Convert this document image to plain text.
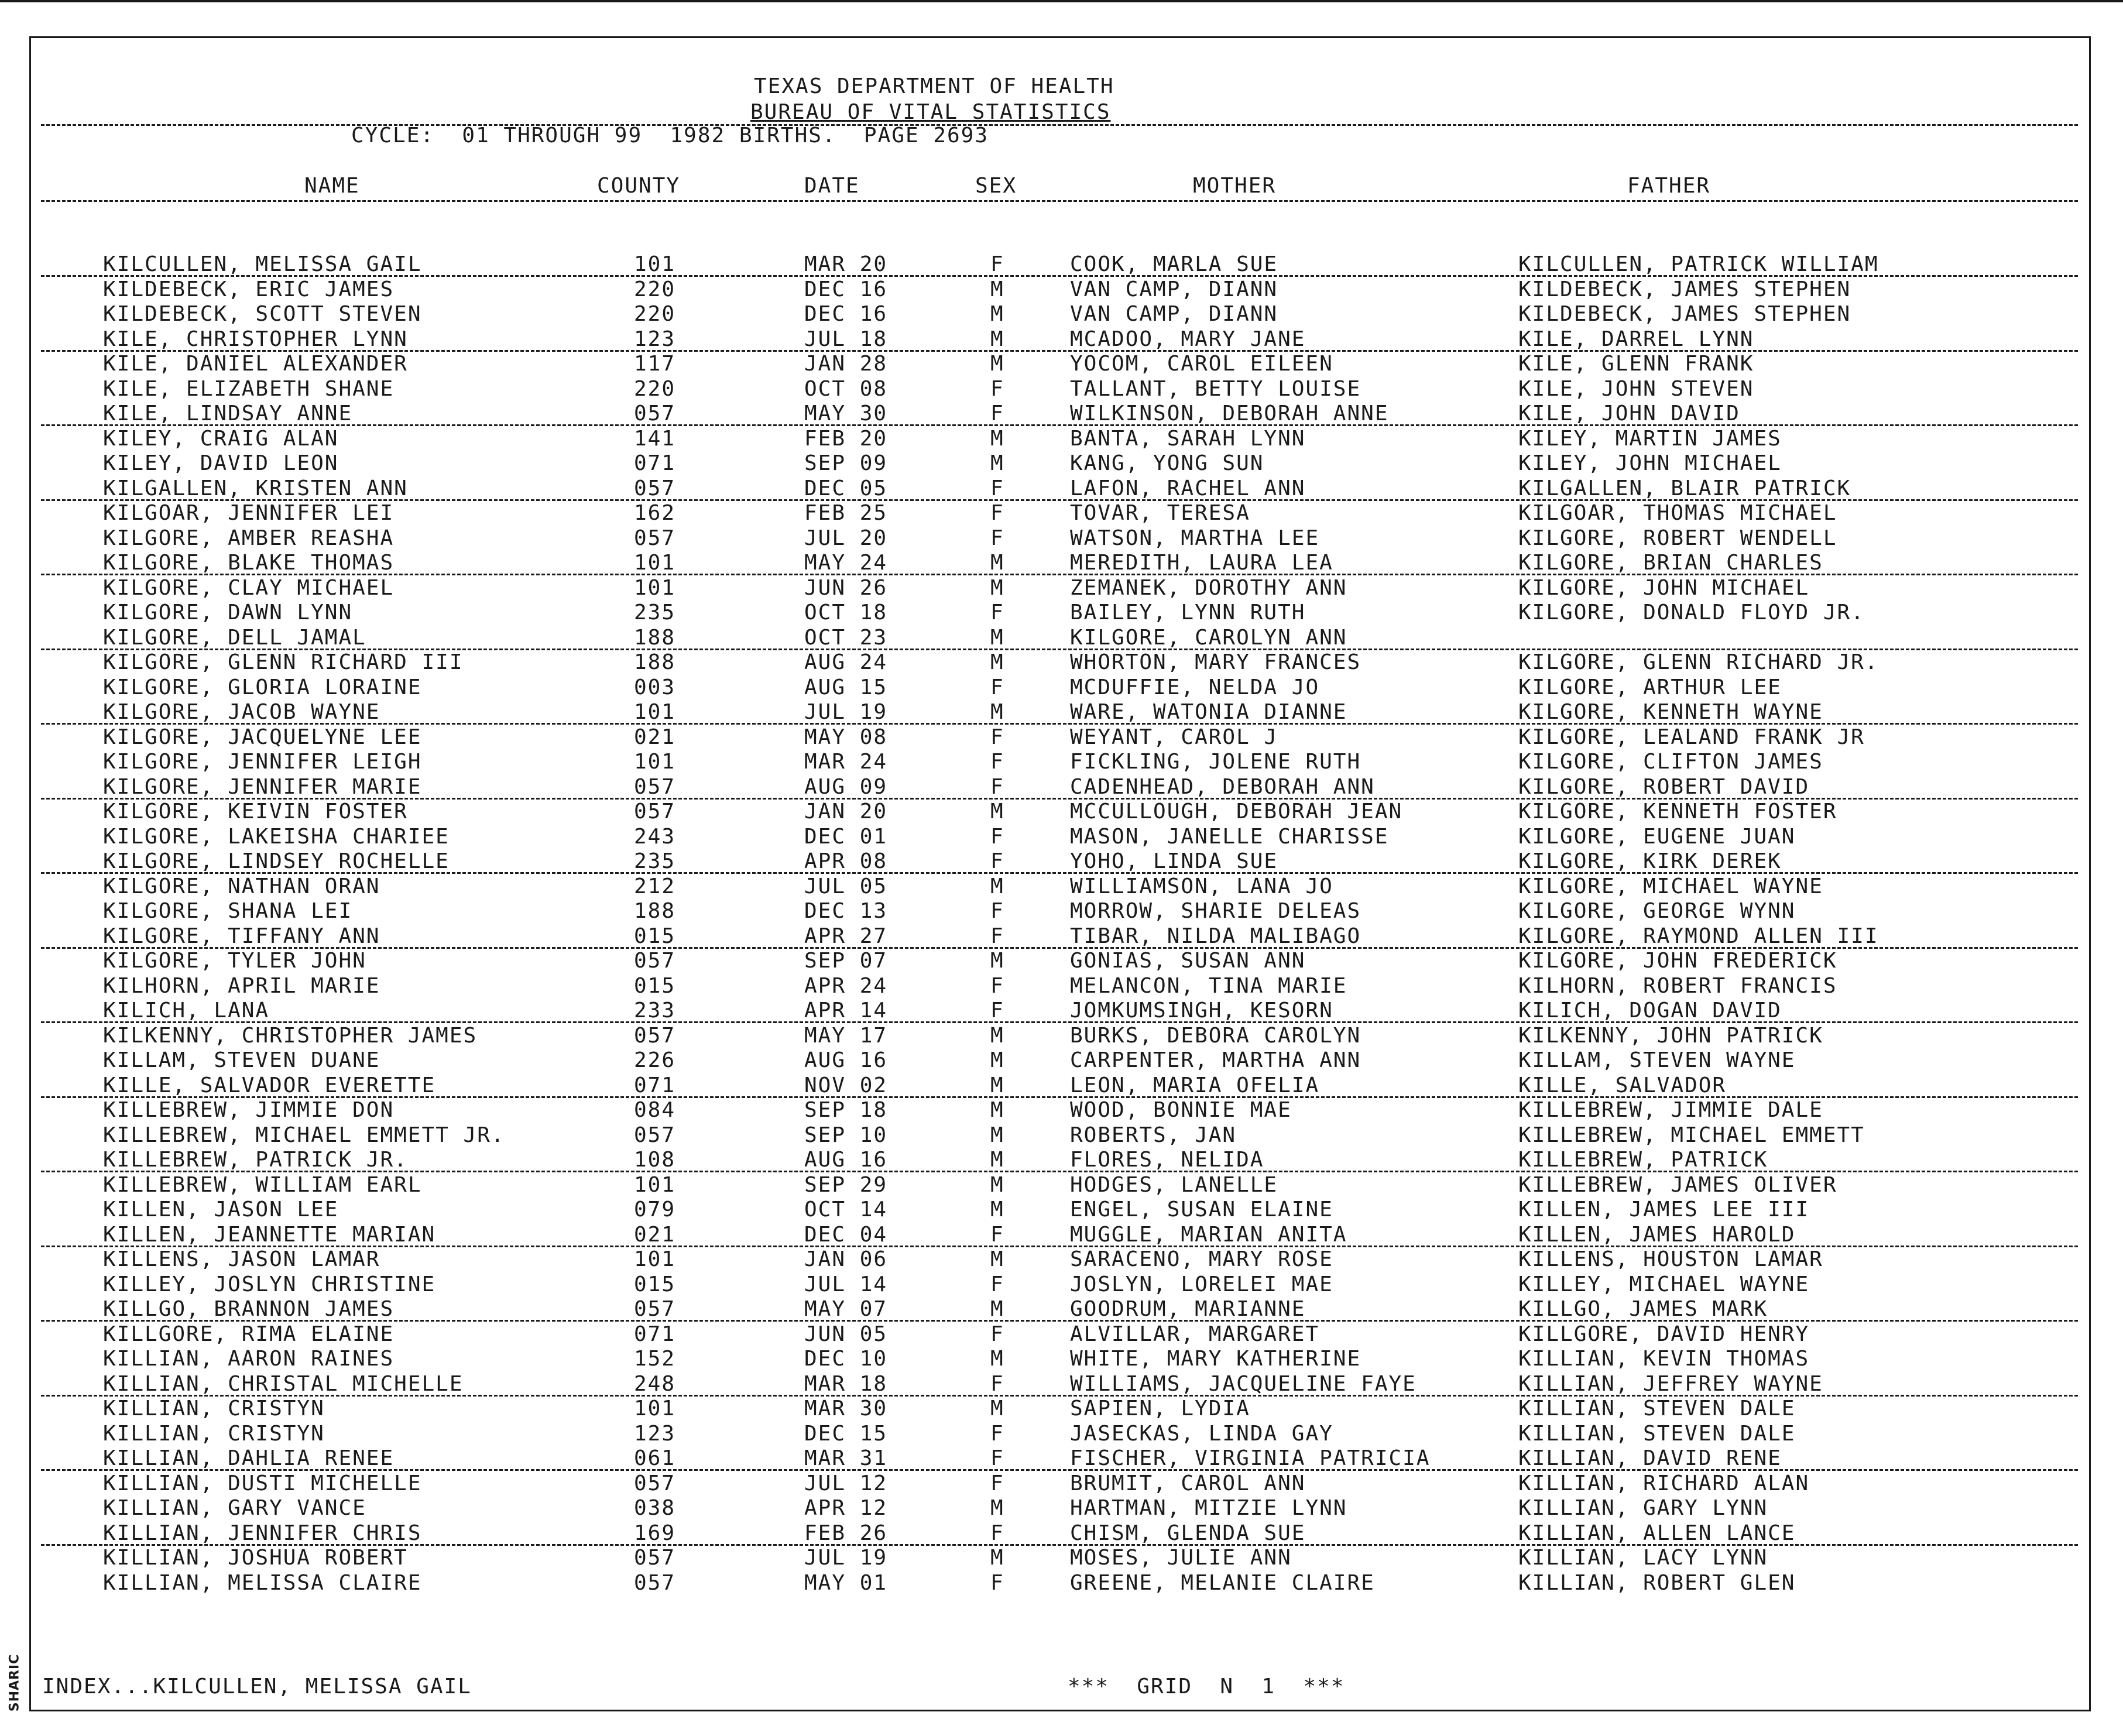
SHARIC
TEXAS DEPARTMENT OF HEALTH
BUREAU OF VITAL STATISTICS
CYCLE:  01 THROUGH 99  1982 BIRTHS.  PAGE 2693
NAME	COUNTY	DATE	SEX	MOTHER	FATHER
KILCULLEN, MELISSA GAIL	101	MAR 20	F	COOK, MARLA SUE	KILCULLEN, PATRICK WILLIAM
KILDEBECK, ERIC JAMES	220	DEC 16	M	VAN CAMP, DIANN	KILDEBECK, JAMES STEPHEN
KILDEBECK, SCOTT STEVEN	220	DEC 16	M	VAN CAMP, DIANN	KILDEBECK, JAMES STEPHEN
KILE, CHRISTOPHER LYNN	123	JUL 18	M	MCADOO, MARY JANE	KILE, DARREL LYNN
KILE, DANIEL ALEXANDER	117	JAN 28	M	YOCOM, CAROL EILEEN	KILE, GLENN FRANK
KILE, ELIZABETH SHANE	220	OCT 08	F	TALLANT, BETTY LOUISE	KILE, JOHN STEVEN
KILE, LINDSAY ANNE	057	MAY 30	F	WILKINSON, DEBORAH ANNE	KILE, JOHN DAVID
KILEY, CRAIG ALAN	141	FEB 20	M	BANTA, SARAH LYNN	KILEY, MARTIN JAMES
KILEY, DAVID LEON	071	SEP 09	M	KANG, YONG SUN	KILEY, JOHN MICHAEL
KILGALLEN, KRISTEN ANN	057	DEC 05	F	LAFON, RACHEL ANN	KILGALLEN, BLAIR PATRICK
KILGOAR, JENNIFER LEI	162	FEB 25	F	TOVAR, TERESA	KILGOAR, THOMAS MICHAEL
KILGORE, AMBER REASHA	057	JUL 20	F	WATSON, MARTHA LEE	KILGORE, ROBERT WENDELL
KILGORE, BLAKE THOMAS	101	MAY 24	M	MEREDITH, LAURA LEA	KILGORE, BRIAN CHARLES
KILGORE, CLAY MICHAEL	101	JUN 26	M	ZEMANEK, DOROTHY ANN	KILGORE, JOHN MICHAEL
KILGORE, DAWN LYNN	235	OCT 18	F	BAILEY, LYNN RUTH	KILGORE, DONALD FLOYD JR.
KILGORE, DELL JAMAL	188	OCT 23	M	KILGORE, CAROLYN ANN
KILGORE, GLENN RICHARD III	188	AUG 24	M	WHORTON, MARY FRANCES	KILGORE, GLENN RICHARD JR.
KILGORE, GLORIA LORAINE	003	AUG 15	F	MCDUFFIE, NELDA JO	KILGORE, ARTHUR LEE
KILGORE, JACOB WAYNE	101	JUL 19	M	WARE, WATONIA DIANNE	KILGORE, KENNETH WAYNE
KILGORE, JACQUELYNE LEE	021	MAY 08	F	WEYANT, CAROL J	KILGORE, LEALAND FRANK JR
KILGORE, JENNIFER LEIGH	101	MAR 24	F	FICKLING, JOLENE RUTH	KILGORE, CLIFTON JAMES
KILGORE, JENNIFER MARIE	057	AUG 09	F	CADENHEAD, DEBORAH ANN	KILGORE, ROBERT DAVID
KILGORE, KEIVIN FOSTER	057	JAN 20	M	MCCULLOUGH, DEBORAH JEAN	KILGORE, KENNETH FOSTER
KILGORE, LAKEISHA CHARIEE	243	DEC 01	F	MASON, JANELLE CHARISSE	KILGORE, EUGENE JUAN
KILGORE, LINDSEY ROCHELLE	235	APR 08	F	YOHO, LINDA SUE	KILGORE, KIRK DEREK
KILGORE, NATHAN ORAN	212	JUL 05	M	WILLIAMSON, LANA JO	KILGORE, MICHAEL WAYNE
KILGORE, SHANA LEI	188	DEC 13	F	MORROW, SHARIE DELEAS	KILGORE, GEORGE WYNN
KILGORE, TIFFANY ANN	015	APR 27	F	TIBAR, NILDA MALIBAGO	KILGORE, RAYMOND ALLEN III
KILGORE, TYLER JOHN	057	SEP 07	M	GONIAS, SUSAN ANN	KILGORE, JOHN FREDERICK
KILHORN, APRIL MARIE	015	APR 24	F	MELANCON, TINA MARIE	KILHORN, ROBERT FRANCIS
KILICH, LANA	233	APR 14	F	JOMKUMSINGH, KESORN	KILICH, DOGAN DAVID
KILKENNY, CHRISTOPHER JAMES	057	MAY 17	M	BURKS, DEBORA CAROLYN	KILKENNY, JOHN PATRICK
KILLAM, STEVEN DUANE	226	AUG 16	M	CARPENTER, MARTHA ANN	KILLAM, STEVEN WAYNE
KILLE, SALVADOR EVERETTE	071	NOV 02	M	LEON, MARIA OFELIA	KILLE, SALVADOR
KILLEBREW, JIMMIE DON	084	SEP 18	M	WOOD, BONNIE MAE	KILLEBREW, JIMMIE DALE
KILLEBREW, MICHAEL EMMETT JR.	057	SEP 10	M	ROBERTS, JAN	KILLEBREW, MICHAEL EMMETT
KILLEBREW, PATRICK JR.	108	AUG 16	M	FLORES, NELIDA	KILLEBREW, PATRICK
KILLEBREW, WILLIAM EARL	101	SEP 29	M	HODGES, LANELLE	KILLEBREW, JAMES OLIVER
KILLEN, JASON LEE	079	OCT 14	M	ENGEL, SUSAN ELAINE	KILLEN, JAMES LEE III
KILLEN, JEANNETTE MARIAN	021	DEC 04	F	MUGGLE, MARIAN ANITA	KILLEN, JAMES HAROLD
KILLENS, JASON LAMAR	101	JAN 06	M	SARACENO, MARY ROSE	KILLENS, HOUSTON LAMAR
KILLEY, JOSLYN CHRISTINE	015	JUL 14	F	JOSLYN, LORELEI MAE	KILLEY, MICHAEL WAYNE
KILLGO, BRANNON JAMES	057	MAY 07	M	GOODRUM, MARIANNE	KILLGO, JAMES MARK
KILLGORE, RIMA ELAINE	071	JUN 05	F	ALVILLAR, MARGARET	KILLGORE, DAVID HENRY
KILLIAN, AARON RAINES	152	DEC 10	M	WHITE, MARY KATHERINE	KILLIAN, KEVIN THOMAS
KILLIAN, CHRISTAL MICHELLE	248	MAR 18	F	WILLIAMS, JACQUELINE FAYE	KILLIAN, JEFFREY WAYNE
KILLIAN, CRISTYN	101	MAR 30	M	SAPIEN, LYDIA	KILLIAN, STEVEN DALE
KILLIAN, CRISTYN	123	DEC 15	F	JASECKAS, LINDA GAY	KILLIAN, STEVEN DALE
KILLIAN, DAHLIA RENEE	061	MAR 31	F	FISCHER, VIRGINIA PATRICIA	KILLIAN, DAVID RENE
KILLIAN, DUSTI MICHELLE	057	JUL 12	F	BRUMIT, CAROL ANN	KILLIAN, RICHARD ALAN
KILLIAN, GARY VANCE	038	APR 12	M	HARTMAN, MITZIE LYNN	KILLIAN, GARY LYNN
KILLIAN, JENNIFER CHRIS	169	FEB 26	F	CHISM, GLENDA SUE	KILLIAN, ALLEN LANCE
KILLIAN, JOSHUA ROBERT	057	JUL 19	M	MOSES, JULIE ANN	KILLIAN, LACY LYNN
KILLIAN, MELISSA CLAIRE	057	MAY 01	F	GREENE, MELANIE CLAIRE	KILLIAN, ROBERT GLEN
INDEX...KILCULLEN, MELISSA GAIL	***  GRID  N  1  ***
